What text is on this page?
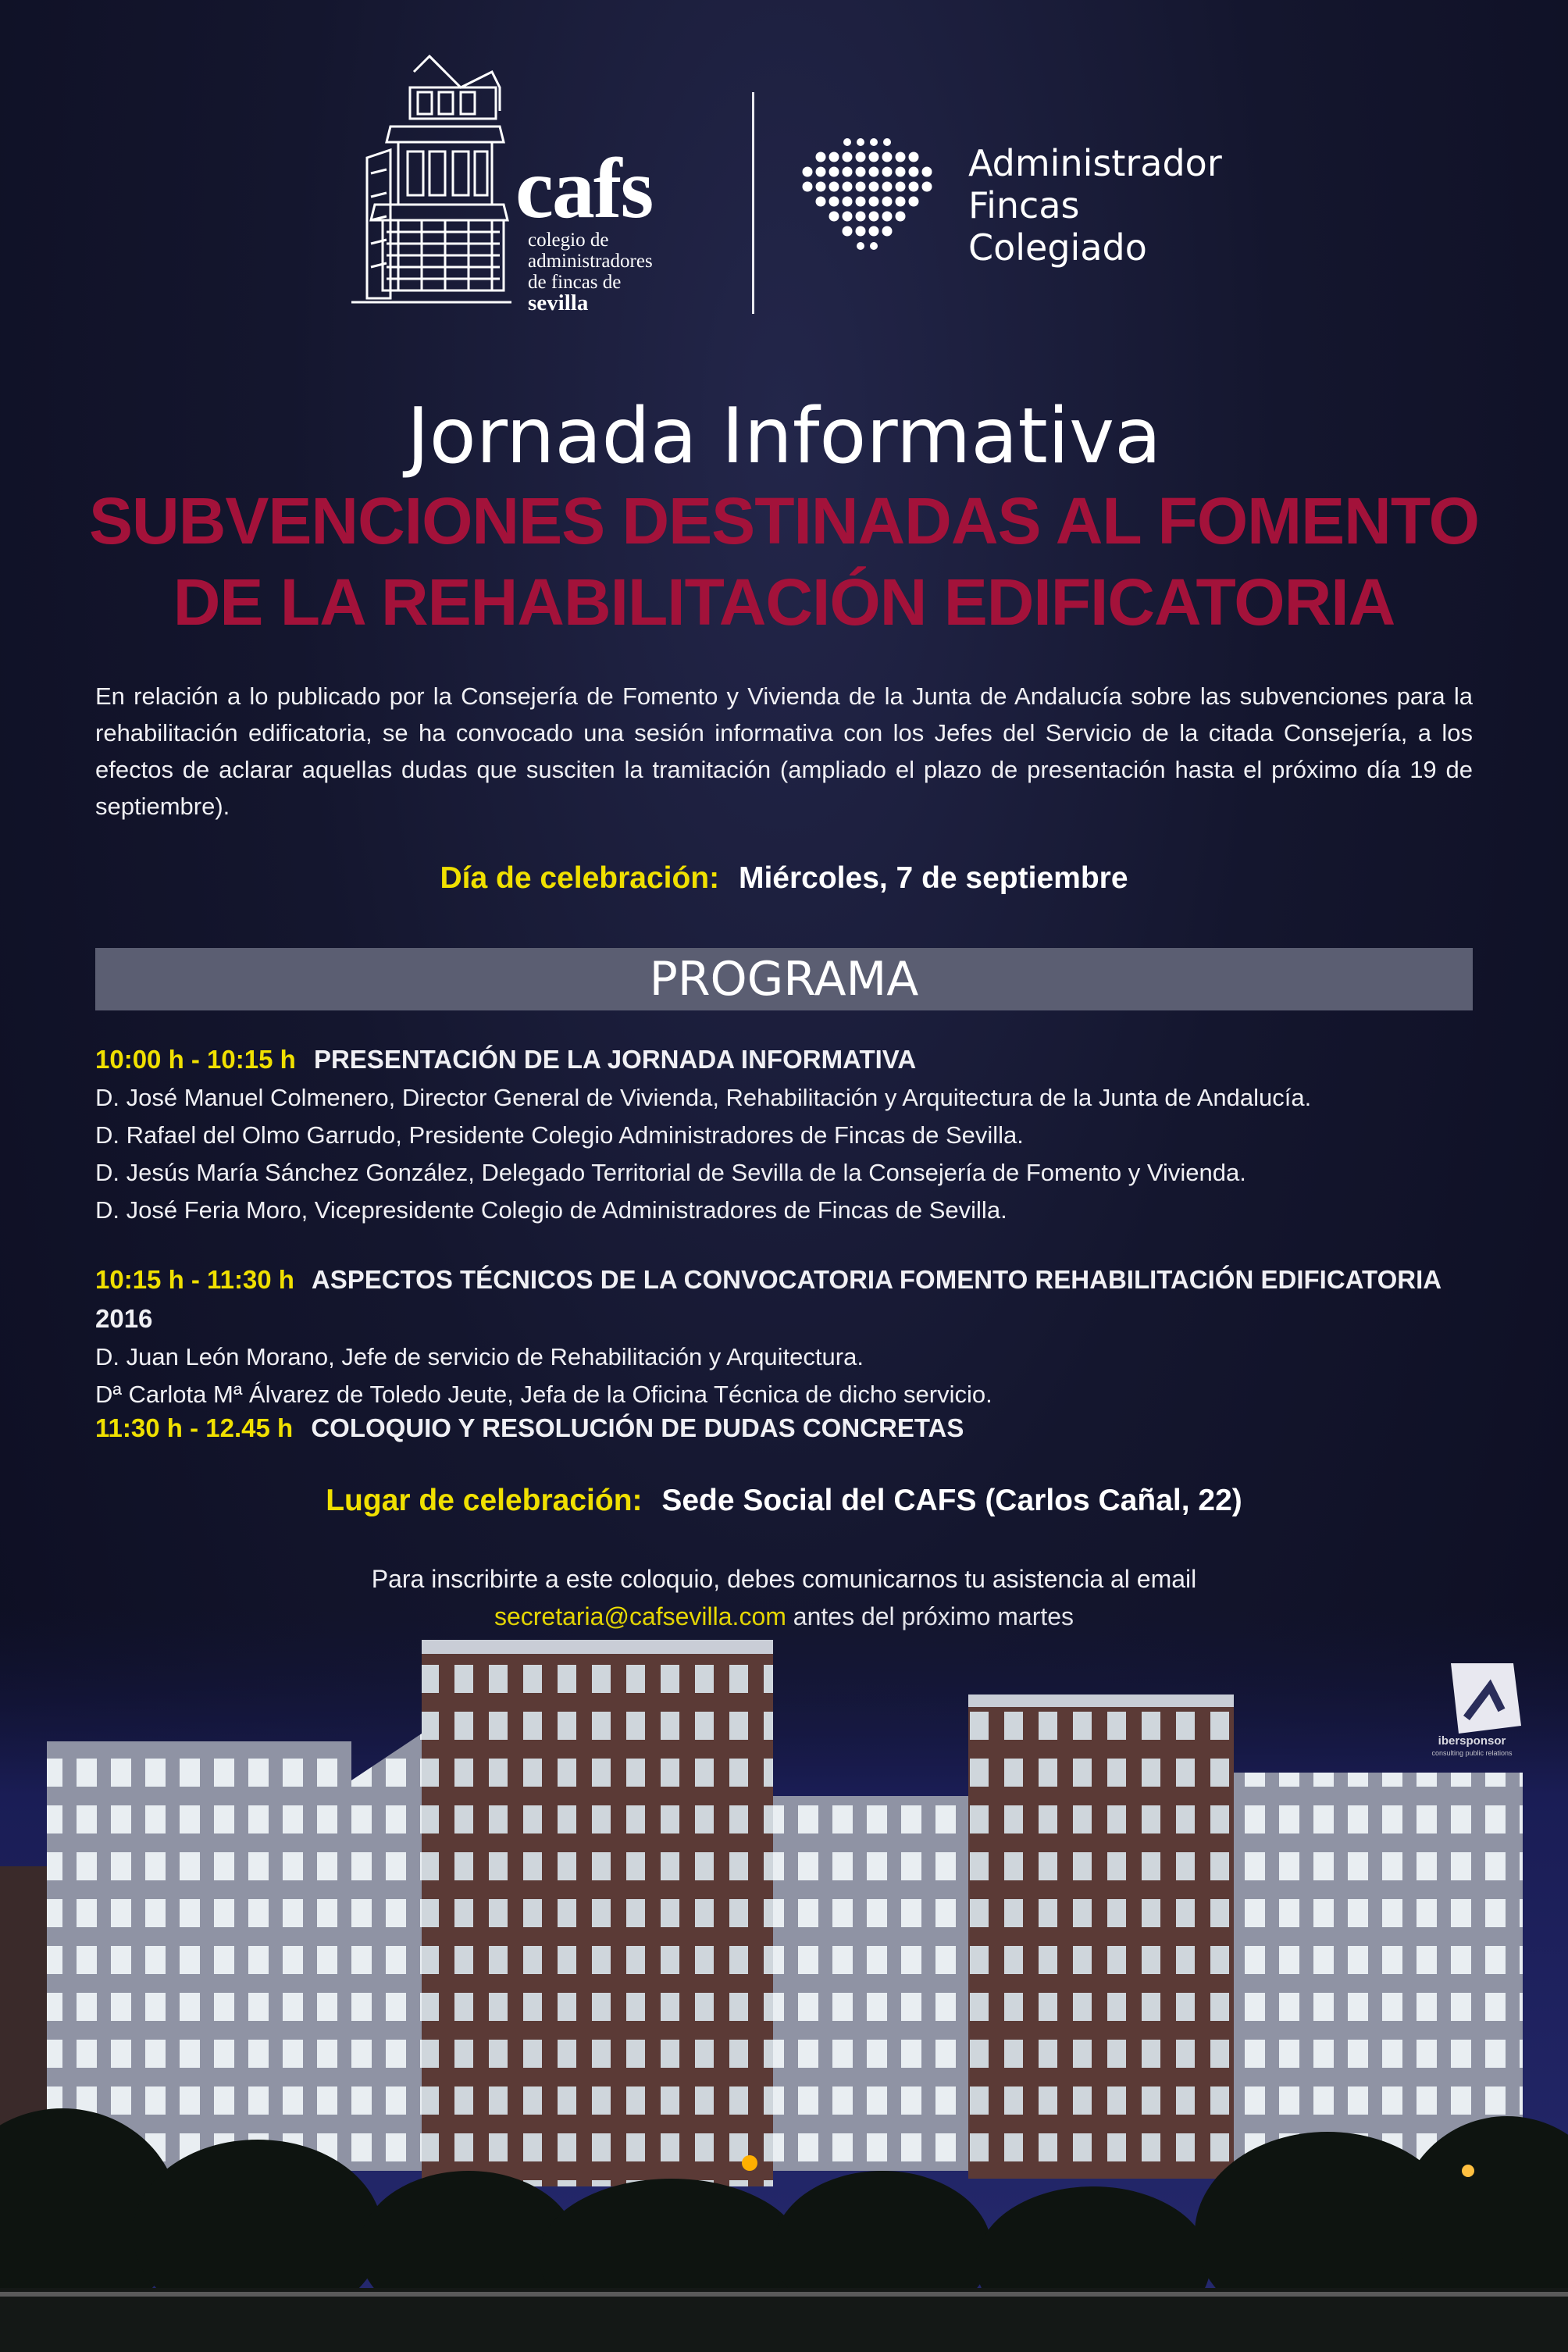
cafs
colegio de
administradores
de fincas de
sevilla
Administrador
Fincas
Colegiado
Jornada Informativa
SUBVENCIONES DESTINADAS AL FOMENTO
DE LA REHABILITACIÓN EDIFICATORIA
En relación a lo publicado por la Consejería de Fomento y Vivienda de la Junta de Andalucía sobre las subvenciones para la rehabilitación edificatoria, se ha convocado una sesión informativa con los Jefes del Servicio de la citada Consejería, a los efectos de aclarar aquellas dudas que susciten la tramitación (ampliado el plazo de presentación hasta el próximo día 19 de septiembre).
Día de celebración: Miércoles, 7 de septiembre
PROGRAMA
10:00 h - 10:15 h PRESENTACIÓN DE LA JORNADA INFORMATIVA
D. José Manuel Colmenero, Director General de Vivienda, Rehabilitación y Arquitectura de la Junta de Andalucía.
D. Rafael del Olmo Garrudo, Presidente Colegio Administradores de Fincas de Sevilla.
D. Jesús María Sánchez González, Delegado Territorial de Sevilla de la Consejería de Fomento y Vivienda.
D. José Feria Moro, Vicepresidente Colegio de Administradores de Fincas de Sevilla.
10:15 h - 11:30 h ASPECTOS TÉCNICOS DE LA CONVOCATORIA FOMENTO REHABILITACIÓN EDIFICATORIA 2016
D. Juan León Morano, Jefe de servicio de Rehabilitación y Arquitectura.
Dª Carlota Mª Álvarez de Toledo Jeute, Jefa de la Oficina Técnica de dicho servicio.
11:30 h - 12.45 h COLOQUIO Y RESOLUCIÓN DE DUDAS CONCRETAS
Lugar de celebración: Sede Social del CAFS (Carlos Cañal, 22)
Para inscribirte a este coloquio, debes comunicarnos tu asistencia al email
ibersponsor
consulting public relations
